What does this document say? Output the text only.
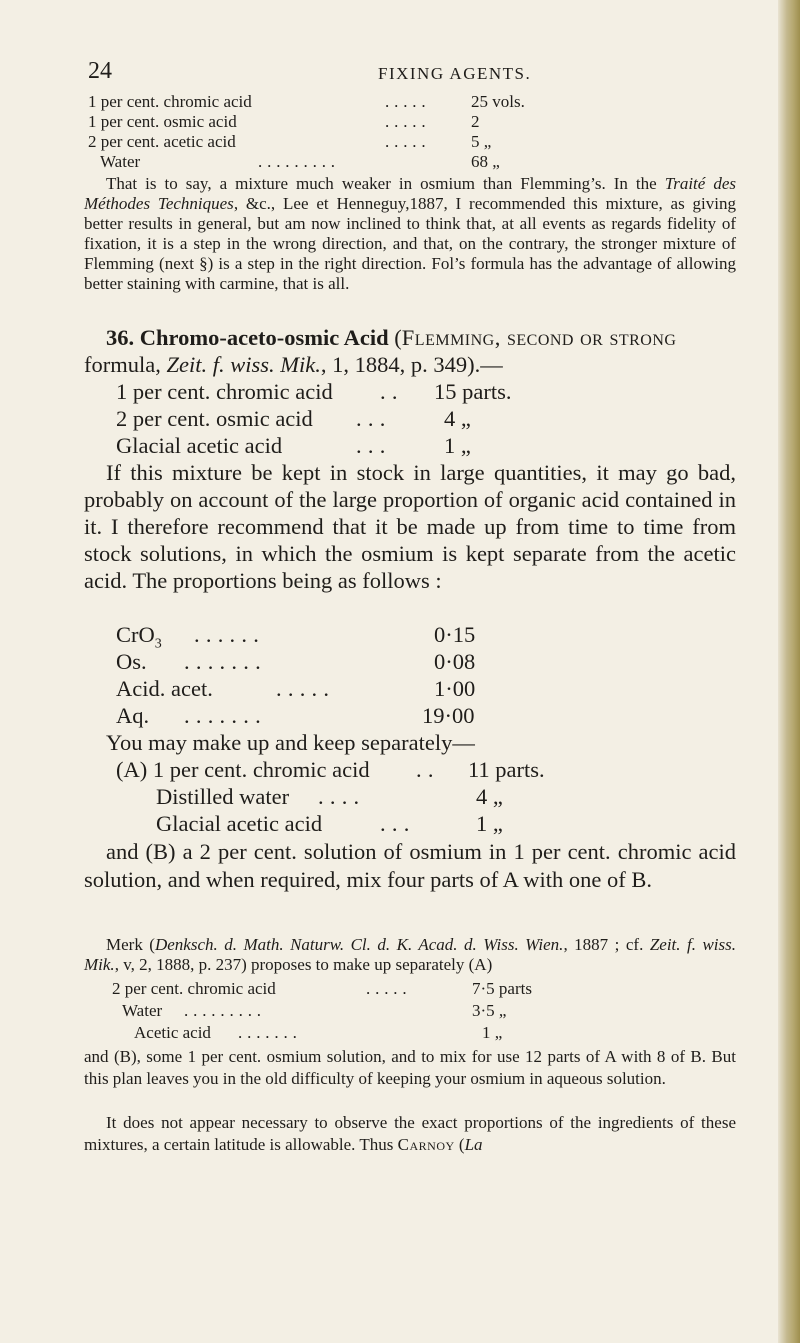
24	FIXING AGENTS.
1 per cent. chromic acid	. . . . .	25 vols.
1 per cent. osmic acid	. . . . .	2
2 per cent. acetic acid	. . . . .	5 „
Water	. . . . . . . . .	68 „

That is to say, a mixture much weaker in osmium than Flemming’s. In the Traité des Méthodes Techniques, &c., Lee et Henneguy,1887, I recommended this mixture, as giving better results in general, but am now inclined to think that, at all events as regards fidelity of fixation, it is a step in the wrong direction, and that, on the contrary, the stronger mixture of Flemming (next §) is a step in the right direction. Fol’s formula has the advantage of allowing better staining with carmine, that is all.

36. Chromo-aceto-osmic Acid (Flemming, second or strong formula, Zeit. f. wiss. Mik., 1, 1884, p. 349).—

1 per cent. chromic acid . . 15 parts.
2 per cent. osmic acid . . .	4 „
Glacial acetic acid	. . .	1 „

If this mixture be kept in stock in large quantities, it may go bad, probably on account of the large proportion of organic acid contained in it. I therefore recommend that it be made up from time to time from stock solutions, in which the osmium is kept separate from the acetic acid. The proportions being as follows :

CrO$_3$ . . . . . .	0·15
Os. . . . . . . .	0·08
Acid. acet.	. . . . .	1·00
Aq. . . . . . . .	19·00

You may make up and keep separately—

(A) 1 per cent. chromic acid . . 11 parts.
Distilled water . . . .	4 „
Glacial acetic acid	. . .	1 „

and (B) a 2 per cent. solution of osmium in 1 per cent. chromic acid solution, and when required, mix four parts of A with one of B.

Merk (Denksch. d. Math. Naturw. Cl. d. K. Acad. d. Wiss. Wien., 1887 ; cf. Zeit. f. wiss. Mik., v, 2, 1888, p. 237) proposes to make up separately (A)

2 per cent. chromic acid	. . . . .	7·5 parts
Water . . . . . . . . .	3·5 „
Acetic acid . . . . . . .	1 „

and (B), some 1 per cent. osmium solution, and to mix for use 12 parts of A with 8 of B. But this plan leaves you in the old difficulty of keeping your osmium in aqueous solution.

It does not appear necessary to observe the exact proportions of the ingredients of these mixtures, a certain latitude is allowable. Thus Carnoy (La
